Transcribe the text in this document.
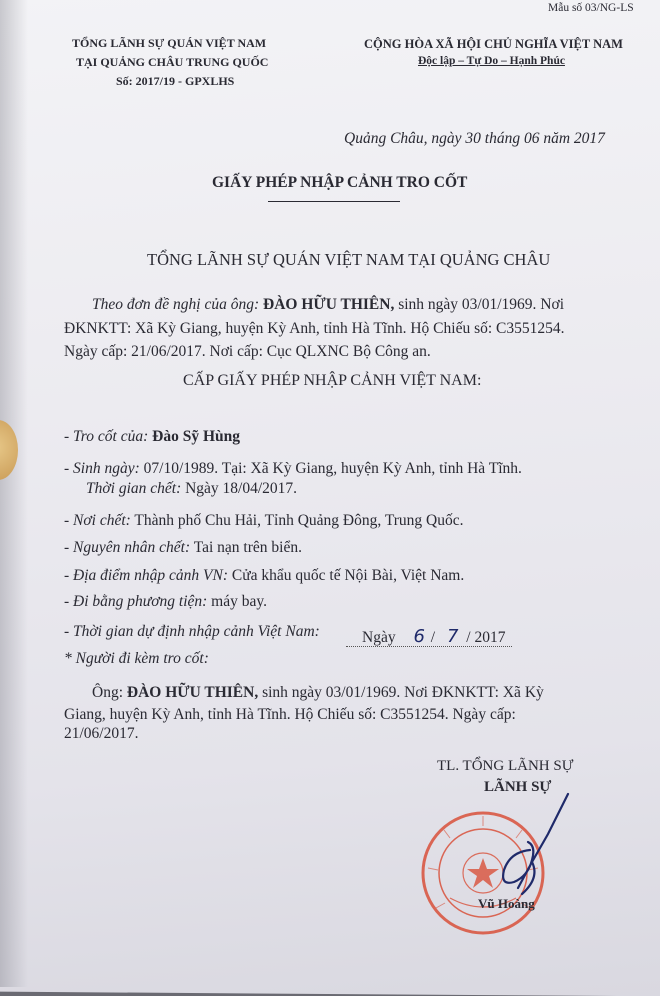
Mẫu số 03/NG-LS
TỔNG LÃNH SỰ QUÁN VIỆT NAM
TẠI QUẢNG CHÂU TRUNG QUỐC
Số: 2017/19 - GPXLHS
CỘNG HÒA XÃ HỘI CHỦ NGHĨA VIỆT NAM
Độc lập – Tự Do – Hạnh Phúc
Quảng Châu, ngày 30 tháng 06 năm 2017
GIẤY PHÉP NHẬP CẢNH TRO CỐT
TỔNG LÃNH SỰ QUÁN VIỆT NAM TẠI QUẢNG CHÂU
Theo đơn đề nghị của ông: ĐÀO HỮU THIÊN, sinh ngày 03/01/1969. Nơi
ĐKNKTT: Xã Kỳ Giang, huyện Kỳ Anh, tỉnh Hà Tĩnh. Hộ Chiếu số: C3551254.
Ngày cấp: 21/06/2017. Nơi cấp: Cục QLXNC Bộ Công an.
CẤP GIẤY PHÉP NHẬP CẢNH VIỆT NAM:
- Tro cốt của: Đào Sỹ Hùng
- Sinh ngày: 07/10/1989. Tại: Xã Kỳ Giang, huyện Kỳ Anh, tỉnh Hà Tĩnh.
Thời gian chết: Ngày 18/04/2017.
- Nơi chết: Thành phố Chu Hải, Tỉnh Quảng Đông, Trung Quốc.
- Nguyên nhân chết: Tai nạn trên biển.
- Địa điểm nhập cảnh VN: Cửa khẩu quốc tế Nội Bài, Việt Nam.
- Đi bằng phương tiện: máy bay.
- Thời gian dự định nhập cảnh Việt Nam:	Ngày 6 / 7 / 2017
* Người đi kèm tro cốt:
Ông: ĐÀO HỮU THIÊN, sinh ngày 03/01/1969. Nơi ĐKNKTT: Xã Kỳ
Giang, huyện Kỳ Anh, tỉnh Hà Tĩnh. Hộ Chiếu số: C3551254. Ngày cấp:
21/06/2017.
TL. TỔNG LÃNH SỰ
LÃNH SỰ
Vũ Hoàng
